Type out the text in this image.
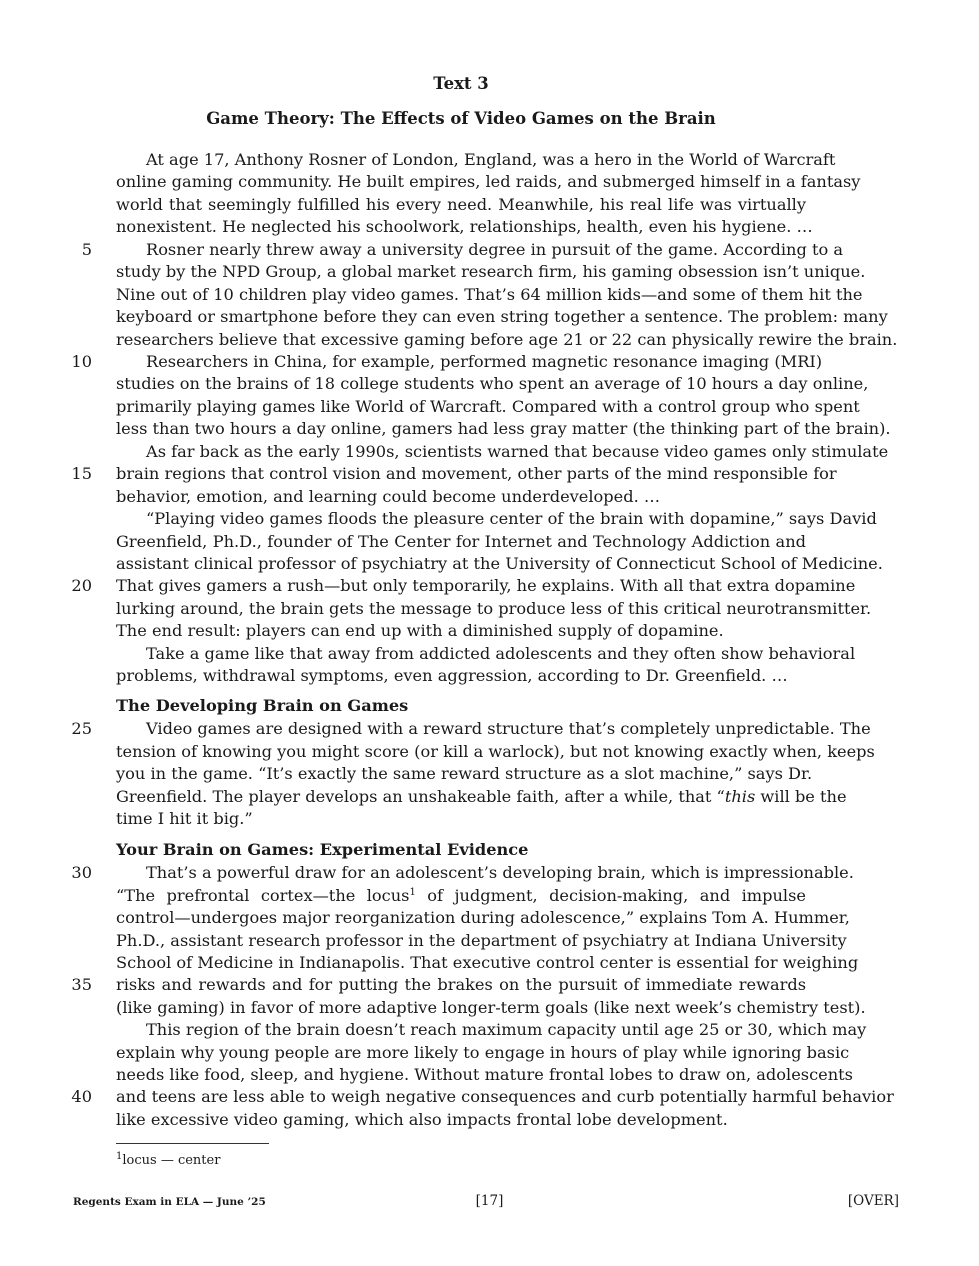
Text 3
Game Theory: The Effects of Video Games on the Brain
At age 17, Anthony Rosner of London, England, was a hero in the World of Warcraft
online gaming community. He built empires, led raids, and submerged himself in a fantasy
world that seemingly fulfilled his every need. Meanwhile, his real life was virtually
nonexistent. He neglected his schoolwork, relationships, health, even his hygiene. …
5	Rosner nearly threw away a university degree in pursuit of the game. According to a
study by the NPD Group, a global market research firm, his gaming obsession isn’t unique.
Nine out of 10 children play video games. That’s 64 million kids—and some of them hit the
keyboard or smartphone before they can even string together a sentence. The problem: many
researchers believe that excessive gaming before age 21 or 22 can physically rewire the brain.
10	Researchers in China, for example, performed magnetic resonance imaging (MRI)
studies on the brains of 18 college students who spent an average of 10 hours a day online,
primarily playing games like World of Warcraft. Compared with a control group who spent
less than two hours a day online, gamers had less gray matter (the thinking part of the brain).
As far back as the early 1990s, scientists warned that because video games only stimulate
15 brain regions that control vision and movement, other parts of the mind responsible for
behavior, emotion, and learning could become underdeveloped. …
“Playing video games floods the pleasure center of the brain with dopamine,” says David
Greenfield, Ph.D., founder of The Center for Internet and Technology Addiction and
assistant clinical professor of psychiatry at the University of Connecticut School of Medicine.
20 That gives gamers a rush—but only temporarily, he explains. With all that extra dopamine
lurking around, the brain gets the message to produce less of this critical neurotransmitter.
The end result: players can end up with a diminished supply of dopamine.
Take a game like that away from addicted adolescents and they often show behavioral
problems, withdrawal symptoms, even aggression, according to Dr. Greenfield. …
The Developing Brain on Games
25	Video games are designed with a reward structure that’s completely unpredictable. The
tension of knowing you might score (or kill a warlock), but not knowing exactly when, keeps
you in the game. “It’s exactly the same reward structure as a slot machine,” says Dr.
Greenfield. The player develops an unshakeable faith, after a while, that “this will be the
time I hit it big.”
Your Brain on Games: Experimental Evidence
30	That’s a powerful draw for an adolescent’s developing brain, which is impressionable.
“The prefrontal cortex—the locus$^1$ of judgment, decision-making, and impulse
control—undergoes major reorganization during adolescence,” explains Tom A. Hummer,
Ph.D., assistant research professor in the department of psychiatry at Indiana University
School of Medicine in Indianapolis. That executive control center is essential for weighing
35 risks and rewards and for putting the brakes on the pursuit of immediate rewards
(like gaming) in favor of more adaptive longer-term goals (like next week’s chemistry test).
This region of the brain doesn’t reach maximum capacity until age 25 or 30, which may
explain why young people are more likely to engage in hours of play while ignoring basic
needs like food, sleep, and hygiene. Without mature frontal lobes to draw on, adolescents
40 and teens are less able to weigh negative consequences and curb potentially harmful behavior
like excessive video gaming, which also impacts frontal lobe development.
$^1$locus — center
Regents Exam in ELA — June ’25	[17]	[OVER]
